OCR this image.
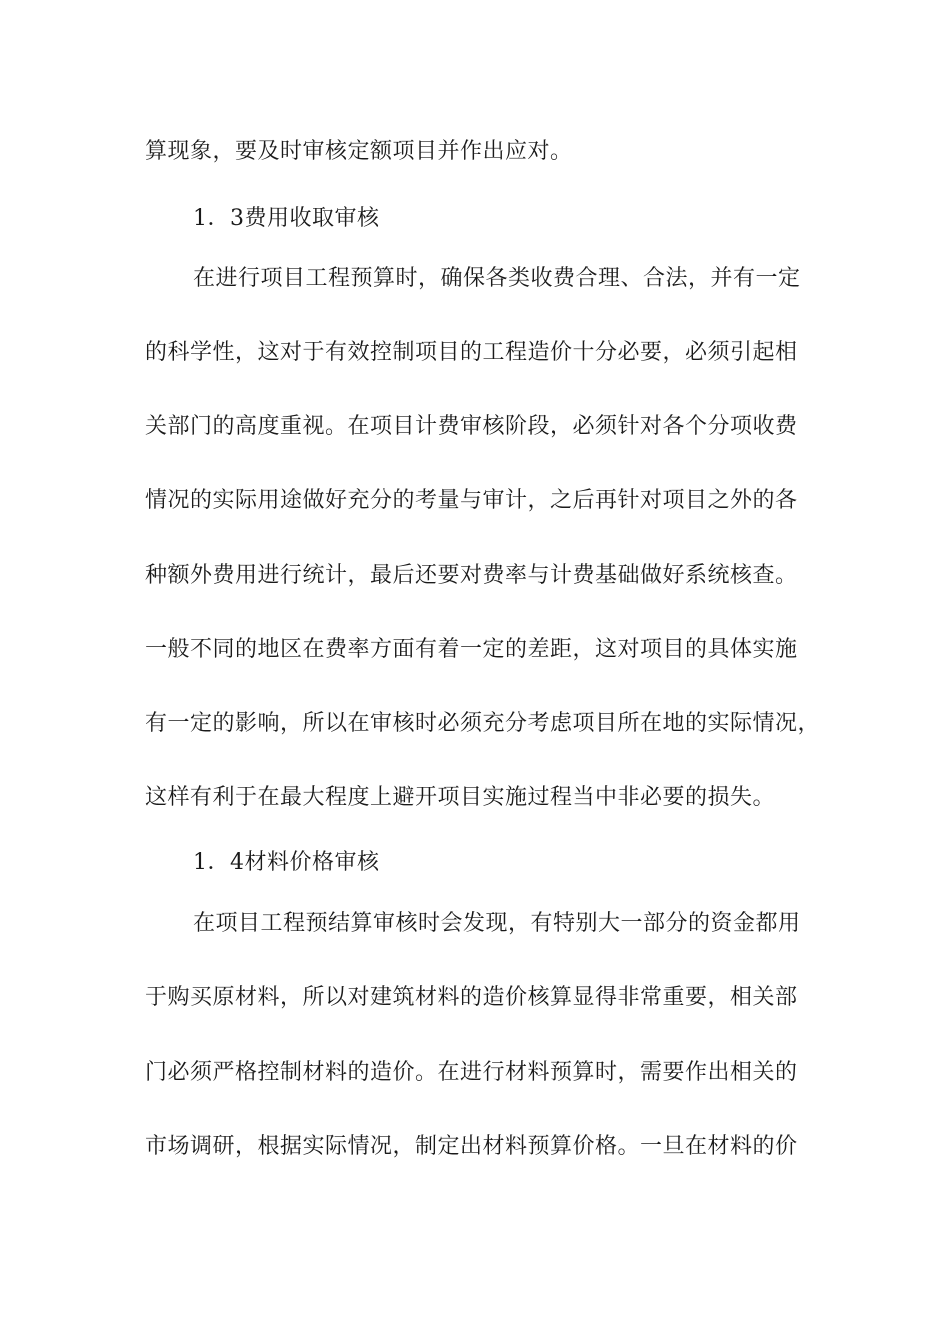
算现象，要及时审核定额项目并作出应对。
1．3费用收取审核
在进行项目工程预算时，确保各类收费合理、合法，并有一定
的科学性，这对于有效控制项目的工程造价十分必要，必须引起相
关部门的高度重视。在项目计费审核阶段，必须针对各个分项收费
情况的实际用途做好充分的考量与审计，之后再针对项目之外的各
种额外费用进行统计，最后还要对费率与计费基础做好系统核查。
一般不同的地区在费率方面有着一定的差距，这对项目的具体实施
有一定的影响，所以在审核时必须充分考虑项目所在地的实际情况，
这样有利于在最大程度上避开项目实施过程当中非必要的损失。
1．4材料价格审核
在项目工程预结算审核时会发现，有特别大一部分的资金都用
于购买原材料，所以对建筑材料的造价核算显得非常重要，相关部
门必须严格控制材料的造价。在进行材料预算时，需要作出相关的
市场调研，根据实际情况，制定出材料预算价格。一旦在材料的价
